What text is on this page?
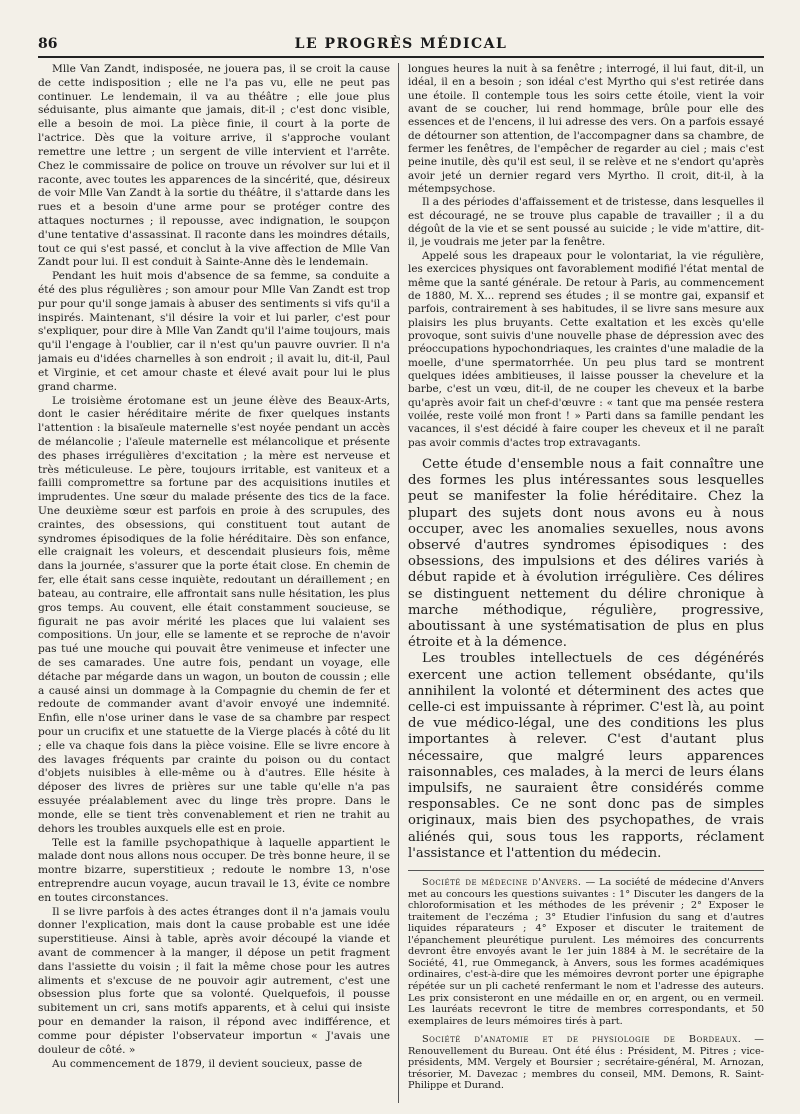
86	LE PROGRÈS MÉDICAL

Mlle Van Zandt, indisposée, ne jouera pas, il se croit la cause de cette indisposition ; elle ne l'a pas vu, elle ne peut pas continuer. Le lendemain, il va au théâtre ; elle joue plus séduisante, plus aimante que jamais, dit-il ; c'est donc visible, elle a besoin de moi. La pièce finie, il court à la porte de l'actrice. Dès que la voiture arrive, il s'approche voulant remettre une lettre ; un sergent de ville intervient et l'arrête. Chez le commissaire de police on trouve un révolver sur lui et il raconte, avec toutes les apparences de la sincérité, que, désireux de voir Mlle Van Zandt à la sortie du théâtre, il s'attarde dans les rues et a besoin d'une arme pour se protéger contre des attaques nocturnes ; il repousse, avec indignation, le soupçon d'une tentative d'assassinat. Il raconte dans les moindres détails, tout ce qui s'est passé, et conclut à la vive affection de Mlle Van Zandt pour lui. Il est conduit à Sainte-Anne dès le lendemain.

Pendant les huit mois d'absence de sa femme, sa conduite a été des plus régulières ; son amour pour Mlle Van Zandt est trop pur pour qu'il songe jamais à abuser des sentiments si vifs qu'il a inspirés. Maintenant, s'il désire la voir et lui parler, c'est pour s'expliquer, pour dire à Mlle Van Zandt qu'il l'aime toujours, mais qu'il l'engage à l'oublier, car il n'est qu'un pauvre ouvrier. Il n'a jamais eu d'idées charnelles à son endroit ; il avait lu, dit-il, Paul et Virginie, et cet amour chaste et élevé avait pour lui le plus grand charme.

Le troisième érotomane est un jeune élève des Beaux-Arts, dont le casier héréditaire mérite de fixer quelques instants l'attention : la bisaïeule maternelle s'est noyée pendant un accès de mélancolie ; l'aïeule maternelle est mélancolique et présente des phases irrégulières d'excitation ; la mère est nerveuse et très méticuleuse. Le père, toujours irritable, est vaniteux et a failli compromettre sa fortune par des acquisitions inutiles et imprudentes. Une sœur du malade présente des tics de la face. Une deuxième sœur est parfois en proie à des scrupules, des craintes, des obsessions, qui constituent tout autant de syndromes épisodiques de la folie héréditaire. Dès son enfance, elle craignait les voleurs, et descendait plusieurs fois, même dans la journée, s'assurer que la porte était close. En chemin de fer, elle était sans cesse inquiète, redoutant un déraillement ; en bateau, au contraire, elle affrontait sans nulle hésitation, les plus gros temps. Au couvent, elle était constamment soucieuse, se figurait ne pas avoir mérité les places que lui valaient ses compositions. Un jour, elle se lamente et se reproche de n'avoir pas tué une mouche qui pouvait être venimeuse et infecter une de ses camarades. Une autre fois, pendant un voyage, elle détache par mégarde dans un wagon, un bouton de coussin ; elle a causé ainsi un dommage à la Compagnie du chemin de fer et redoute de commander avant d'avoir envoyé une indemnité. Enfin, elle n'ose uriner dans le vase de sa chambre par respect pour un crucifix et une statuette de la Vierge placés à côté du lit ; elle va chaque fois dans la pièce voisine. Elle se livre encore à des lavages fréquents par crainte du poison ou du contact d'objets nuisibles à elle-même ou à d'autres. Elle hésite à déposer des livres de prières sur une table qu'elle n'a pas essuyée préalablement avec du linge très propre. Dans le monde, elle se tient très convenablement et rien ne trahit au dehors les troubles auxquels elle est en proie.

Telle est la famille psychopathique à laquelle appartient le malade dont nous allons nous occuper. De très bonne heure, il se montre bizarre, superstitieux ; redoute le nombre 13, n'ose entreprendre aucun voyage, aucun travail le 13, évite ce nombre en toutes circonstances.

Il se livre parfois à des actes étranges dont il n'a jamais voulu donner l'explication, mais dont la cause probable est une idée superstitieuse. Ainsi à table, après avoir découpé la viande et avant de commencer à la manger, il dépose un petit fragment dans l'assiette du voisin ; il fait la même chose pour les autres aliments et s'excuse de ne pouvoir agir autrement, c'est une obsession plus forte que sa volonté. Quelquefois, il pousse subitement un cri, sans motifs apparents, et à celui qui insiste pour en demander la raison, il répond avec indifférence, et comme pour dépister l'observateur importun « J'avais une douleur de côté. »

Au commencement de 1879, il devient soucieux, passe de

longues heures la nuit à sa fenêtre ; interrogé, il lui faut, dit-il, un idéal, il en a besoin ; son idéal c'est Myrtho qui s'est retirée dans une étoile. Il contemple tous les soirs cette étoile, vient la voir avant de se coucher, lui rend hommage, brûle pour elle des essences et de l'encens, il lui adresse des vers. On a parfois essayé de détourner son attention, de l'accompagner dans sa chambre, de fermer les fenêtres, de l'empêcher de regarder au ciel ; mais c'est peine inutile, dès qu'il est seul, il se relève et ne s'endort qu'après avoir jeté un dernier regard vers Myrtho. Il croit, dit-il, à la métempsychose.

Il a des périodes d'affaissement et de tristesse, dans lesquelles il est découragé, ne se trouve plus capable de travailler ; il a du dégoût de la vie et se sent poussé au suicide ; le vide m'attire, dit-il, je voudrais me jeter par la fenêtre.

Appelé sous les drapeaux pour le volontariat, la vie régulière, les exercices physiques ont favorablement modifié l'état mental de même que la santé générale. De retour à Paris, au commencement de 1880, M. X... reprend ses études ; il se montre gai, expansif et parfois, contrairement à ses habitudes, il se livre sans mesure aux plaisirs les plus bruyants. Cette exaltation et les excès qu'elle provoque, sont suivis d'une nouvelle phase de dépression avec des préoccupations hypochondriaques, les craintes d'une maladie de la moelle, d'une spermatorrhée. Un peu plus tard se montrent quelques idées ambitieuses, il laisse pousser la chevelure et la barbe, c'est un vœu, dit-il, de ne couper les cheveux et la barbe qu'après avoir fait un chef-d'œuvre : « tant que ma pensée restera voilée, reste voilé mon front ! » Parti dans sa famille pendant les vacances, il s'est décidé à faire couper les cheveux et il ne paraît pas avoir commis d'actes trop extravagants.

Cette étude d'ensemble nous a fait connaître une des formes les plus intéressantes sous lesquelles peut se manifester la folie héréditaire. Chez la plupart des sujets dont nous avons eu à nous occuper, avec les anomalies sexuelles, nous avons observé d'autres syndromes épisodiques : des obsessions, des impulsions et des délires variés à début rapide et à évolution irrégulière. Ces délires se distinguent nettement du délire chronique à marche méthodique, régulière, progressive, aboutissant à une systématisation de plus en plus étroite et à la démence.

Les troubles intellectuels de ces dégénérés exercent une action tellement obsédante, qu'ils annihilent la volonté et déterminent des actes que celle-ci est impuissante à réprimer. C'est là, au point de vue médico-légal, une des conditions les plus importantes à relever. C'est d'autant plus nécessaire, que malgré leurs apparences raisonnables, ces malades, à la merci de leurs élans impulsifs, ne sauraient être considérés comme responsables. Ce ne sont donc pas de simples originaux, mais bien des psychopathes, de vrais aliénés qui, sous tous les rapports, réclament l'assistance et l'attention du médecin.

Société de médecine d'Anvers. — La société de médecine d'Anvers met au concours les questions suivantes : 1° Discuter les dangers de la chloroformisation et les méthodes de les prévenir ; 2° Exposer le traitement de l'eczéma ; 3° Etudier l'infusion du sang et d'autres liquides réparateurs ; 4° Exposer et discuter le traitement de l'épanchement pleurétique purulent. Les mémoires des concurrents devront être envoyés avant le 1er juin 1884 à M. le secrétaire de la Société, 41, rue Ommeganck, à Anvers, sous les formes académiques ordinaires, c'est-à-dire que les mémoires devront porter une épigraphe répétée sur un pli cacheté renfermant le nom et l'adresse des auteurs. Les prix consisteront en une médaille en or, en argent, ou en vermeil. Les lauréats recevront le titre de membres correspondants, et 50 exemplaires de leurs mémoires tirés à part.

Société d'anatomie et de physiologie de Bordeaux. — Renouvellement du Bureau. Ont été élus : Président, M. Pitres ; vice-présidents, MM. Vergely et Boursier ; secrétaire-général, M. Arnozan, trésorier, M. Davezac ; membres du conseil, MM. Demons, R. Saint-Philippe et Durand.
